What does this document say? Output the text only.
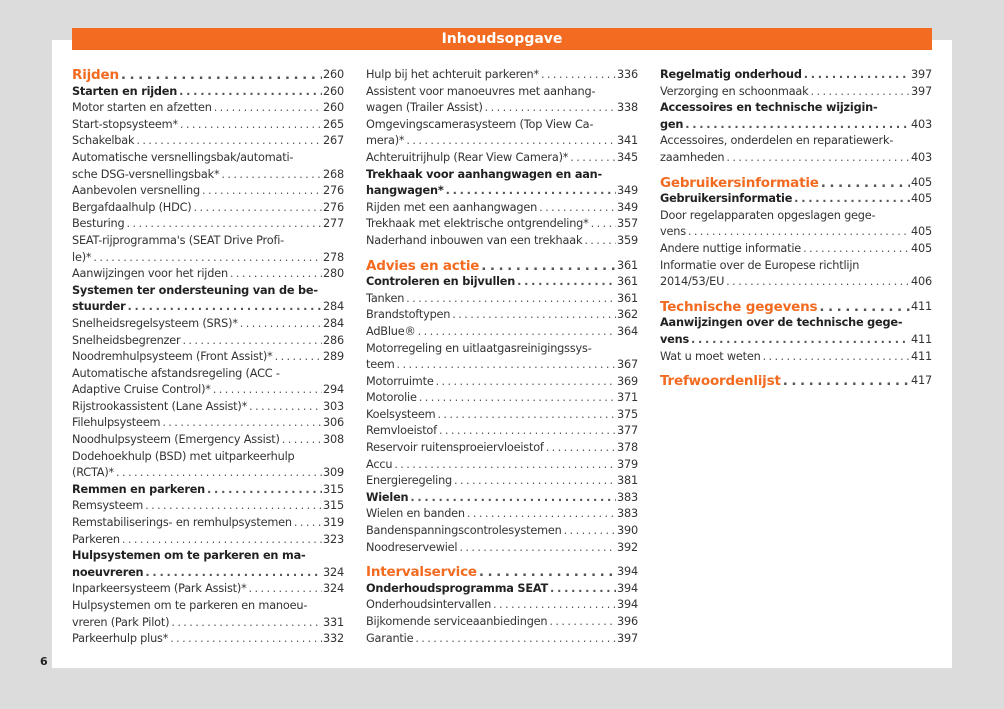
Inhoudsopgave
Rijden . . .	260
Starten en rijden . . .	260
Motor starten en afzetten . . .	260
Start-stopsysteem* . . .	265
Schakelbak . . .	267
Automatische versnellingsbak/automati-
sche DSG-versnellingsbak* . . .	268
Aanbevolen versnelling . . .	276
Bergafdaalhulp (HDC) . . .	276
Besturing . . .	277
SEAT-rijprogramma's (SEAT Drive Profi-
le)* . . .	278
Aanwijzingen voor het rijden . . .	280
Systemen ter ondersteuning van de be-
stuurder . . .	284
Snelheidsregelsysteem (SRS)* . . .	284
Snelheidsbegrenzer . . .	286
Noodremhulpsysteem (Front Assist)* . . .	289
Automatische afstandsregeling (ACC -
Adaptive Cruise Control)* . . .	294
Rijstrookassistent (Lane Assist)* . . .	303
Filehulpsysteem . . .	306
Noodhulpsysteem (Emergency Assist) . . .	308
Dodehoekhulp (BSD) met uitparkeerhulp
(RCTA)* . . .	309
Remmen en parkeren . . .	315
Remsysteem . . .	315
Remstabiliserings- en remhulpsystemen . . .	319
Parkeren . . .	323
Hulpsystemen om te parkeren en ma-
noeuvreren . . .	324
Inparkeersysteem (Park Assist)* . . .	324
Hulpsystemen om te parkeren en manoeu-
vreren (Park Pilot) . . .	331
Parkeerhulp plus* . . .	332
Hulp bij het achteruit parkeren* . . .	336
Assistent voor manoeuvres met aanhang-
wagen (Trailer Assist) . . .	338
Omgevingscamerasysteem (Top View Ca-
mera)* . . .	341
Achteruitrijhulp (Rear View Camera)* . . .	345
Trekhaak voor aanhangwagen en aan-
hangwagen* . . .	349
Rijden met een aanhangwagen . . .	349
Trekhaak met elektrische ontgrendeling* . . .	357
Naderhand inbouwen van een trekhaak . . .	359
Advies en actie . . .	361
Controleren en bijvullen . . .	361
Tanken . . .	361
Brandstoftypen . . .	362
AdBlue® . . .	364
Motorregeling en uitlaatgasreinigingssys-
teem . . .	367
Motorruimte . . .	369
Motorolie . . .	371
Koelsysteem . . .	375
Remvloeistof . . .	377
Reservoir ruitensproeiervloeistof . . .	378
Accu . . .	379
Energieregeling . . .	381
Wielen . . .	383
Wielen en banden . . .	383
Bandenspanningscontrolesystemen . . .	390
Noodreservewiel . . .	392
Intervalservice . . .	394
Onderhoudsprogramma SEAT . . .	394
Onderhoudsintervallen . . .	394
Bijkomende serviceaanbiedingen . . .	396
Garantie . . .	397
Regelmatig onderhoud . . .	397
Verzorging en schoonmaak . . .	397
Accessoires en technische wijzigin-
gen . . .	403
Accessoires, onderdelen en reparatiewerk-
zaamheden . . .	403
Gebruikersinformatie . . .	405
Gebruikersinformatie . . .	405
Door regelapparaten opgeslagen gege-
vens . . .	405
Andere nuttige informatie . . .	405
Informatie over de Europese richtlijn
2014/53/EU . . .	406
Technische gegevens . . .	411
Aanwijzingen over de technische gege-
vens . . .	411
Wat u moet weten . . .	411
Trefwoordenlijst . . .	417
6
